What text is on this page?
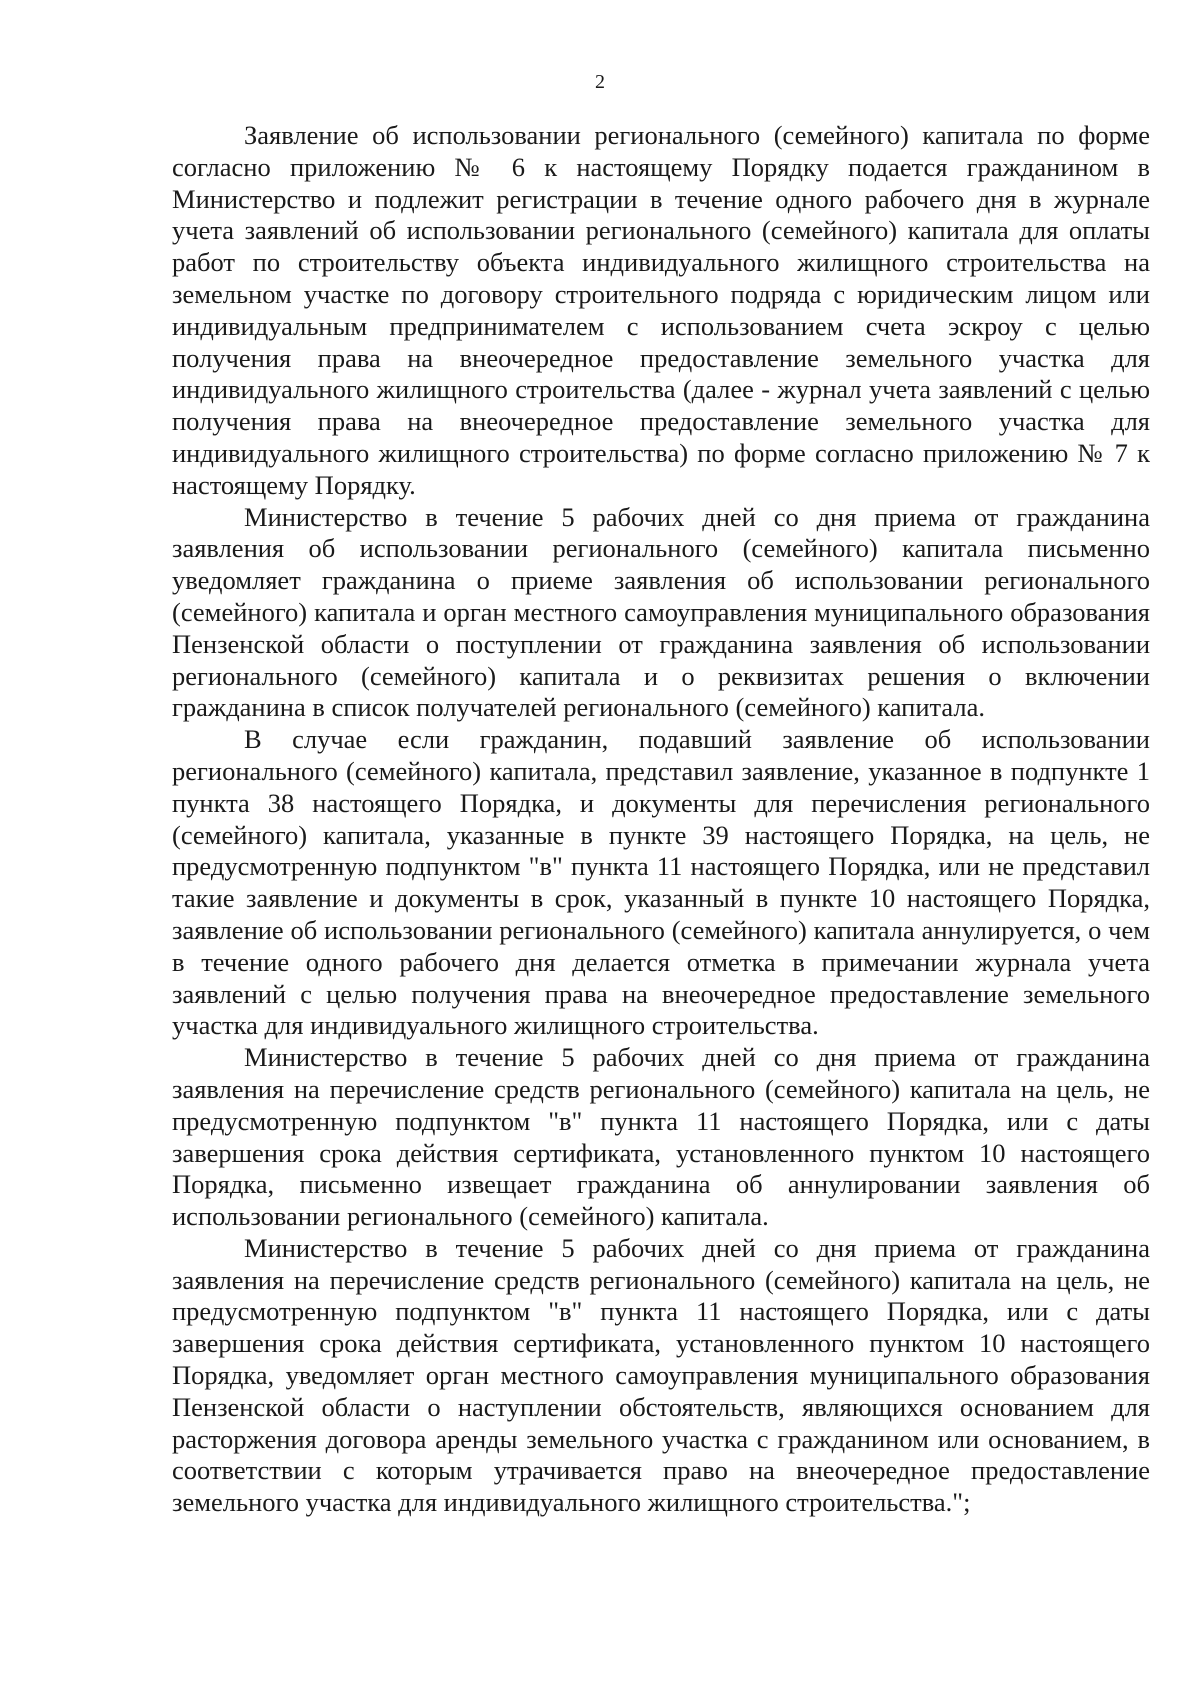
2

Заявление об использовании регионального (семейного) капитала по форме согласно приложению № 6 к настоящему Порядку подается гражданином в Министерство и подлежит регистрации в течение одного рабочего дня в журнале учета заявлений об использовании регионального (семейного) капитала для оплаты работ по строительству объекта индивидуального жилищного строительства на земельном участке по договору строительного подряда с юридическим лицом или индивидуальным предпринимателем с использованием счета эскроу с целью получения права на внеочередное предоставление земельного участка для индивидуального жилищного строительства (далее - журнал учета заявлений с целью получения права на внеочередное предоставление земельного участка для индивидуального жилищного строительства) по форме согласно приложению № 7 к настоящему Порядку.

Министерство в течение 5 рабочих дней со дня приема от гражданина заявления об использовании регионального (семейного) капитала письменно уведомляет гражданина о приеме заявления об использовании регионального (семейного) капитала и орган местного самоуправления муниципального образования Пензенской области о поступлении от гражданина заявления об использовании регионального (семейного) капитала и о реквизитах решения о включении гражданина в список получателей регионального (семейного) капитала.

В случае если гражданин, подавший заявление об использовании регионального (семейного) капитала, представил заявление, указанное в подпункте 1 пункта 38 настоящего Порядка, и документы для перечисления регионального (семейного) капитала, указанные в пункте 39 настоящего Порядка, на цель, не предусмотренную подпунктом "в" пункта 11 настоящего Порядка, или не представил такие заявление и документы в срок, указанный в пункте 10 настоящего Порядка, заявление об использовании регионального (семейного) капитала аннулируется, о чем в течение одного рабочего дня делается отметка в примечании журнала учета заявлений с целью получения права на внеочередное предоставление земельного участка для индивидуального жилищного строительства.

Министерство в течение 5 рабочих дней со дня приема от гражданина заявления на перечисление средств регионального (семейного) капитала на цель, не предусмотренную подпунктом "в" пункта 11 настоящего Порядка, или с даты завершения срока действия сертификата, установленного пунктом 10 настоящего Порядка, письменно извещает гражданина об аннулировании заявления об использовании регионального (семейного) капитала.

Министерство в течение 5 рабочих дней со дня приема от гражданина заявления на перечисление средств регионального (семейного) капитала на цель, не предусмотренную подпунктом "в" пункта 11 настоящего Порядка, или с даты завершения срока действия сертификата, установленного пунктом 10 настоящего Порядка, уведомляет орган местного самоуправления муниципального образования Пензенской области о наступлении обстоятельств, являющихся основанием для расторжения договора аренды земельного участка с гражданином или основанием, в соответствии с которым утрачивается право на внеочередное предоставление земельного участка для индивидуального жилищного строительства.";
